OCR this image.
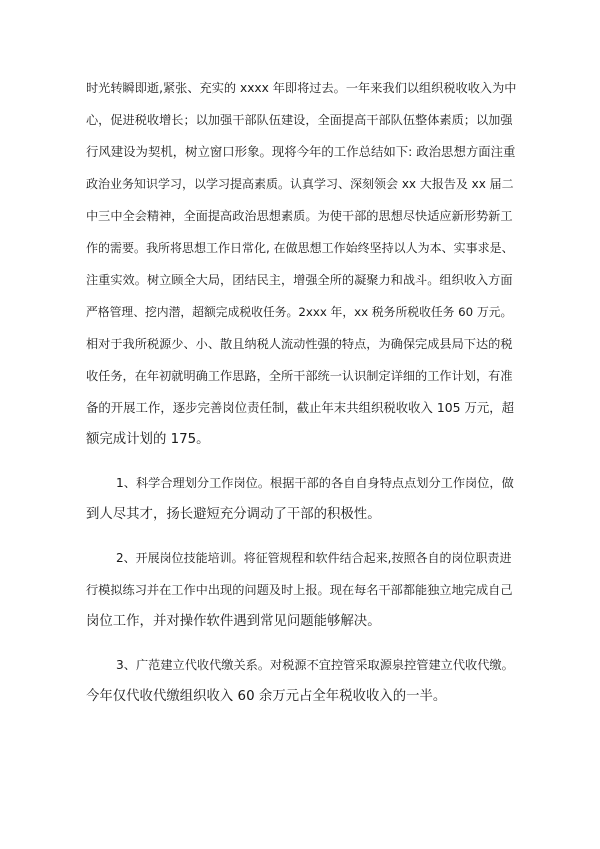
时光转瞬即逝,紧张、充实的 xxxx 年即将过去。一年来我们以组织税收收入为中
心，促进税收增长；以加强干部队伍建设，全面提高干部队伍整体素质；以加强
行风建设为契机，树立窗口形象。现将今年的工作总结如下: 政治思想方面注重
政治业务知识学习，以学习提高素质。认真学习、深刻领会 xx 大报告及 xx 届二
中三中全会精神，全面提高政治思想素质。为使干部的思想尽快适应新形势新工
作的需要。我所将思想工作日常化, 在做思想工作始终坚持以人为本、实事求是、
注重实效。树立顾全大局，团结民主，增强全所的凝聚力和战斗。组织收入方面
严格管理、挖内潜，超额完成税收任务。2xxx 年，xx 税务所税收任务 60 万元。
相对于我所税源少、小、散且纳税人流动性强的特点，为确保完成县局下达的税
收任务，在年初就明确工作思路，全所干部统一认识制定详细的工作计划，有准
备的开展工作，逐步完善岗位责任制，截止年末共组织税收收入 105 万元，超
额完成计划的 175。
1、科学合理划分工作岗位。根据干部的各自自身特点点划分工作岗位，做
到人尽其才，扬长避短充分调动了干部的积极性。
2、开展岗位技能培训。将征管规程和软件结合起来,按照各自的岗位职责进
行模拟练习并在工作中出现的问题及时上报。现在每名干部都能独立地完成自己
岗位工作，并对操作软件遇到常见问题能够解决。
3、广范建立代收代缴关系。对税源不宜控管采取源泉控管建立代收代缴。
今年仅代收代缴组织收入 60 余万元占全年税收收入的一半。
